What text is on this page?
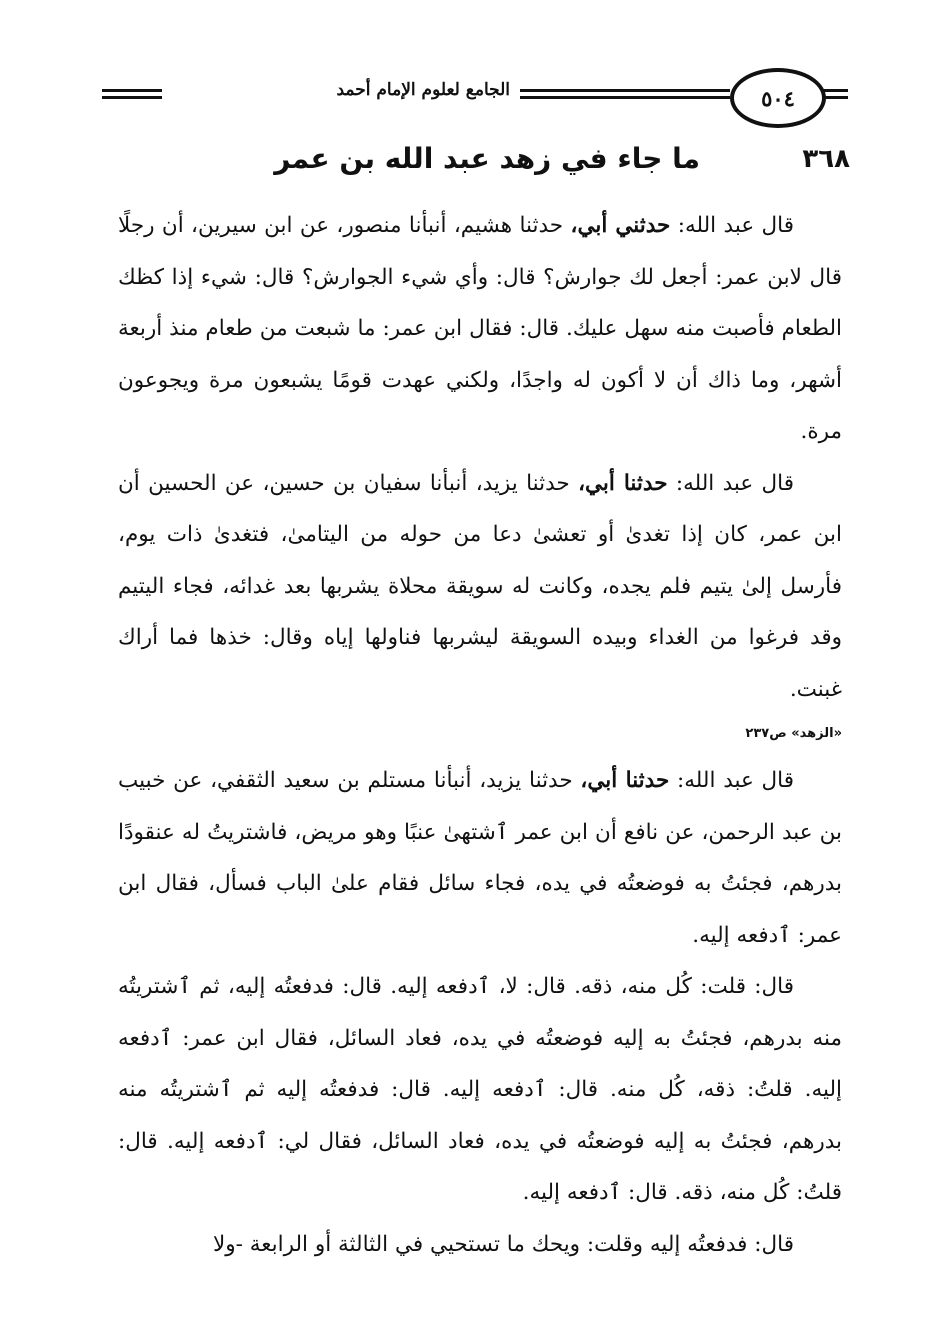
٥٠٤
الجامع لعلوم الإمام أحمد
٣٦٨
ما جاء في زهد عبد الله بن عمر

قال عبد الله: حدثني أبي، حدثنا هشيم، أنبأنا منصور، عن ابن سيرين، أن رجلًا قال لابن عمر: أجعل لك جوارش؟ قال: وأي شيء الجوارش؟ قال: شيء إذا كظك الطعام فأصبت منه سهل عليك. قال: فقال ابن عمر: ما شبعت من طعام منذ أربعة أشهر، وما ذاك أن لا أكون له واجدًا، ولكني عهدت قومًا يشبعون مرة ويجوعون مرة.

قال عبد الله: حدثنا أبي، حدثنا يزيد، أنبأنا سفيان بن حسين، عن الحسين أن ابن عمر، كان إذا تغدىٰ أو تعشىٰ دعا من حوله من اليتامىٰ، فتغدىٰ ذات يوم، فأرسل إلىٰ يتيم فلم يجده، وكانت له سويقة محلاة يشربها بعد غدائه، فجاء اليتيم وقد فرغوا من الغداء وبيده السويقة ليشربها فناولها إياه وقال: خذها فما أراك غبنت.

«الزهد» ص٢٣٧

قال عبد الله: حدثنا أبي، حدثنا يزيد، أنبأنا مستلم بن سعيد الثقفي، عن خبيب بن عبد الرحمن، عن نافع أن ابن عمر ٱشتهىٰ عنبًا وهو مريض، فاشتريتُ له عنقودًا بدرهم، فجئتُ به فوضعتُه في يده، فجاء سائل فقام علىٰ الباب فسأل، فقال ابن عمر: ٱدفعه إليه.

قال: قلت: كُل منه، ذقه. قال: لا، ٱدفعه إليه. قال: فدفعتُه إليه، ثم ٱشتريتُه منه بدرهم، فجئتُ به إليه فوضعتُه في يده، فعاد السائل، فقال ابن عمر: ٱدفعه إليه. قلتُ: ذقه، كُل منه. قال: ٱدفعه إليه. قال: فدفعتُه إليه ثم ٱشتريتُه منه بدرهم، فجئتُ به إليه فوضعتُه في يده، فعاد السائل، فقال لي: ٱدفعه إليه. قال: قلتُ: كُل منه، ذقه. قال: ٱدفعه إليه.

قال: فدفعتُه إليه وقلت: ويحك ما تستحيي في الثالثة أو الرابعة -ولا
